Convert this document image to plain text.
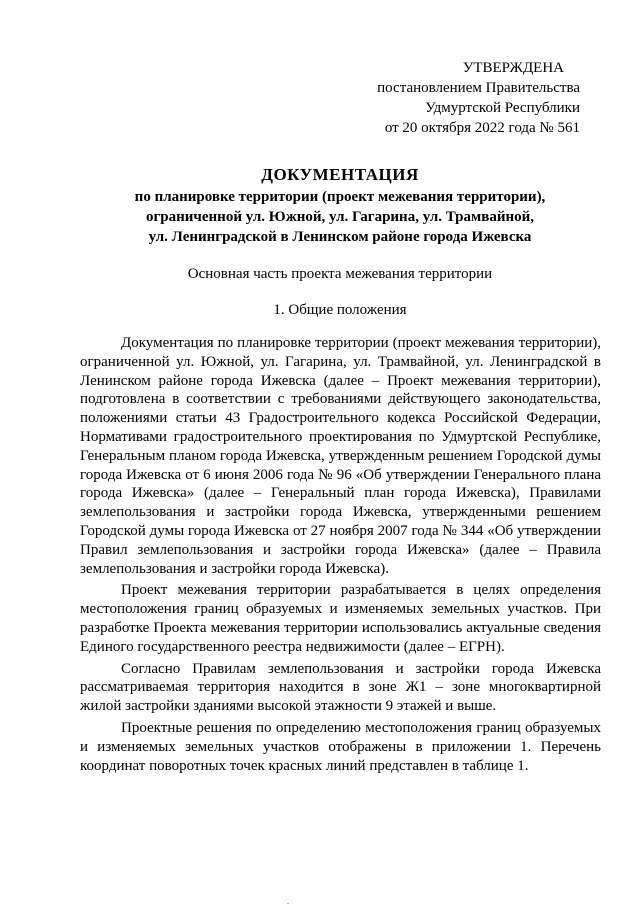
УТВЕРЖДЕНА
постановлением Правительства
Удмуртской Республики
от 20 октября 2022 года № 561
ДОКУМЕНТАЦИЯ
по планировке территории (проект межевания территории),
ограниченной ул. Южной, ул. Гагарина, ул. Трамвайной,
ул. Ленинградской в Ленинском районе города Ижевска
Основная часть проекта межевания территории
1. Общие положения

Документация по планировке территории (проект межевания территории), ограниченной ул. Южной, ул. Гагарина, ул. Трамвайной, ул. Ленинградской в Ленинском районе города Ижевска (далее – Проект межевания территории), подготовлена в соответствии с требованиями действующего законодательства, положениями статьи 43 Градостроительного кодекса Российской Федерации, Нормативами градостроительного проектирования по Удмуртской Республике, Генеральным планом города Ижевска, утвержденным решением Городской думы города Ижевска от 6 июня 2006 года № 96 «Об утверждении Генерального плана города Ижевска» (далее – Генеральный план города Ижевска), Правилами землепользования и застройки города Ижевска, утвержденными решением Городской думы города Ижевска от 27 ноября 2007 года № 344 «Об утверждении Правил землепользования и застройки города Ижевска» (далее – Правила землепользования и застройки города Ижевска).

Проект межевания территории разрабатывается в целях определения местоположения границ образуемых и изменяемых земельных участков. При разработке Проекта межевания территории использовались актуальные сведения Единого государственного реестра недвижимости (далее – ЕГРН).

Согласно Правилам землепользования и застройки города Ижевска рассматриваемая территория находится в зоне Ж1 – зоне многоквартирной жилой застройки зданиями высокой этажности 9 этажей и выше.

Проектные решения по определению местоположения границ образуемых и изменяемых земельных участков отображены в приложении 1. Перечень координат поворотных точек красных линий представлен в таблице 1.

.
